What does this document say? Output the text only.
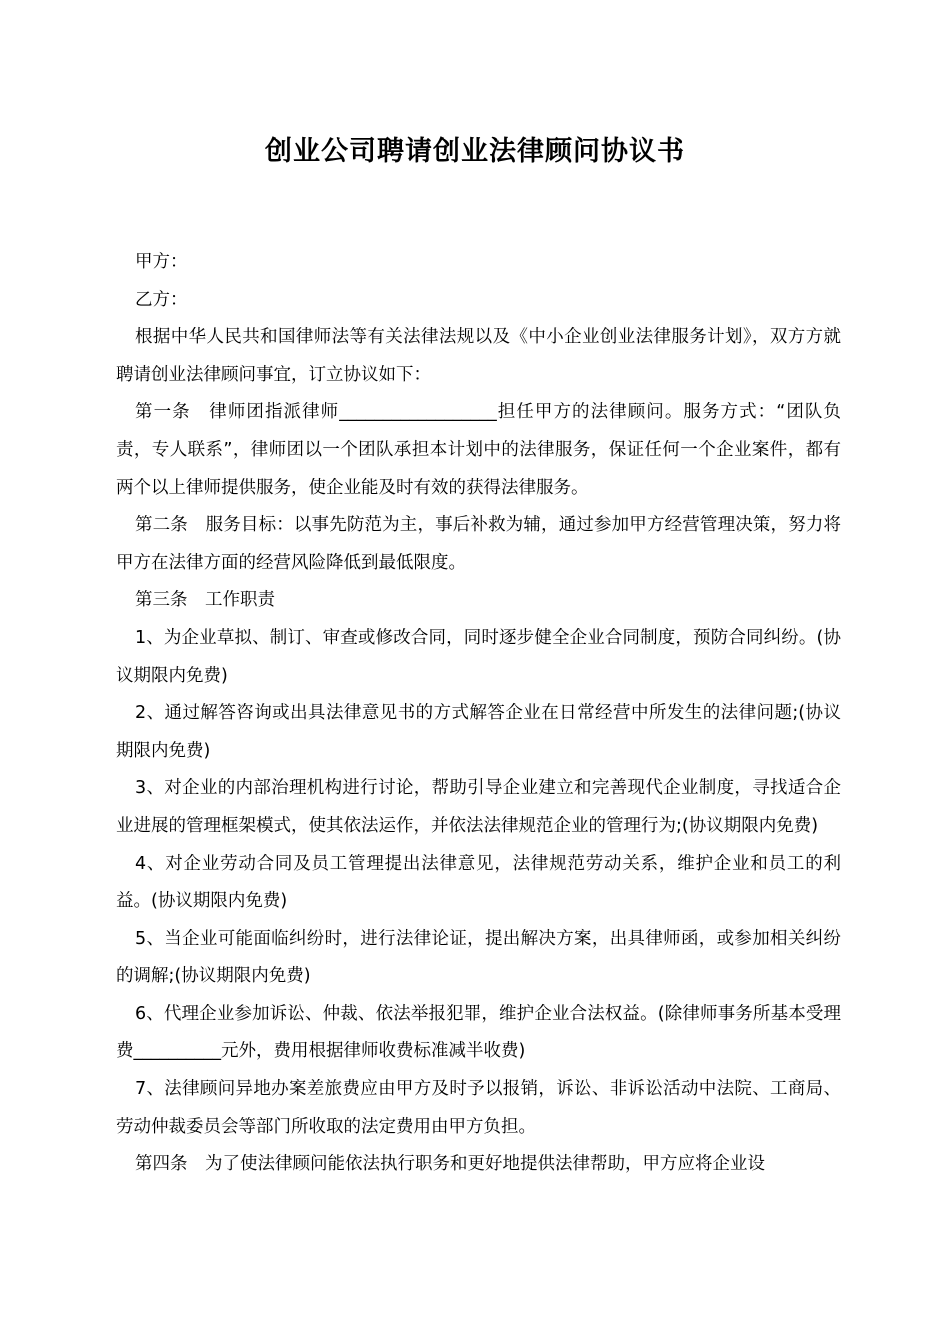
创业公司聘请创业法律顾问协议书

甲方：

乙方：

根据中华人民共和国律师法等有关法律法规以及《中小企业创业法律服务计划》，双方方就聘请创业法律顾问事宜，订立协议如下：

第一条　律师团指派律师__________________担任甲方的法律顾问。服务方式：“团队负责，专人联系”，律师团以一个团队承担本计划中的法律服务，保证任何一个企业案件，都有两个以上律师提供服务，使企业能及时有效的获得法律服务。

第二条　服务目标：以事先防范为主，事后补救为辅，通过参加甲方经营管理决策，努力将甲方在法律方面的经营风险降低到最低限度。

第三条　工作职责

1、为企业草拟、制订、审查或修改合同，同时逐步健全企业合同制度，预防合同纠纷。(协议期限内免费)

2、通过解答咨询或出具法律意见书的方式解答企业在日常经营中所发生的法律问题;(协议期限内免费)

3、对企业的内部治理机构进行讨论，帮助引导企业建立和完善现代企业制度，寻找适合企业进展的管理框架模式，使其依法运作，并依法法律规范企业的管理行为;(协议期限内免费)

4、对企业劳动合同及员工管理提出法律意见，法律规范劳动关系，维护企业和员工的利益。(协议期限内免费)

5、当企业可能面临纠纷时，进行法律论证，提出解决方案，出具律师函，或参加相关纠纷的调解;(协议期限内免费)

6、代理企业参加诉讼、仲裁、依法举报犯罪，维护企业合法权益。(除律师事务所基本受理费__________元外，费用根据律师收费标准减半收费)

7、法律顾问异地办案差旅费应由甲方及时予以报销，诉讼、非诉讼活动中法院、工商局、劳动仲裁委员会等部门所收取的法定费用由甲方负担。

第四条　为了使法律顾问能依法执行职务和更好地提供法律帮助，甲方应将企业设
